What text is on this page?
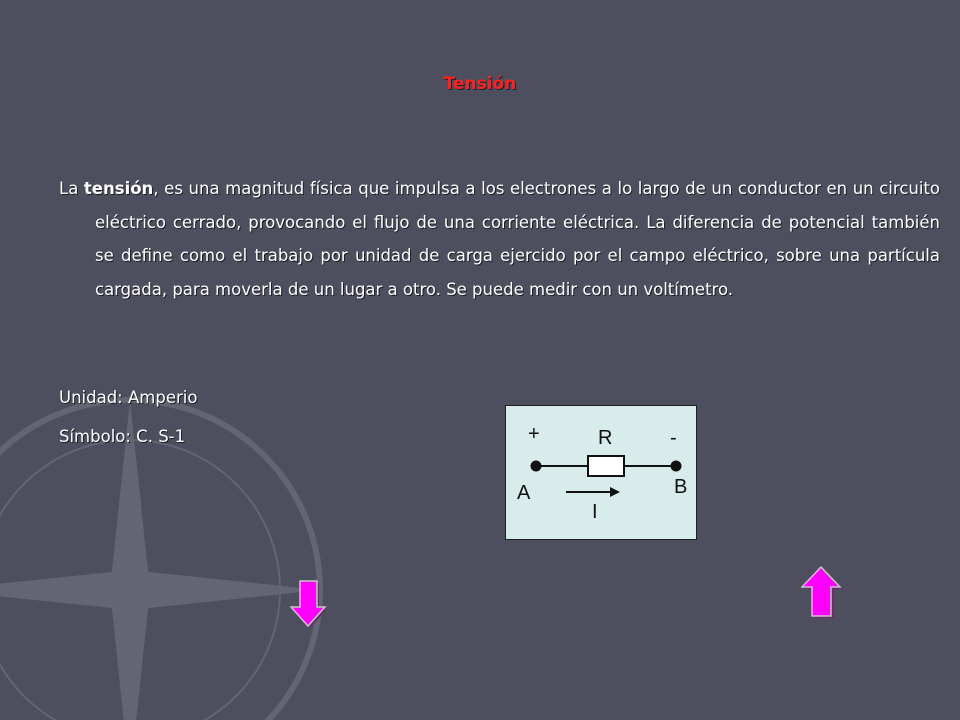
Tensión
La tensión, es una magnitud física que impulsa a los electrones a lo largo de un conductor en un circuito eléctrico cerrado, provocando el flujo de una corriente eléctrica. La diferencia de potencial también se define como el trabajo por unidad de carga ejercido por el campo eléctrico, sobre una partícula cargada, para moverla de un lugar a otro. Se puede medir con un voltímetro.
Unidad: Amperio
Símbolo: C. S-1	+	R	-
A	B
I
